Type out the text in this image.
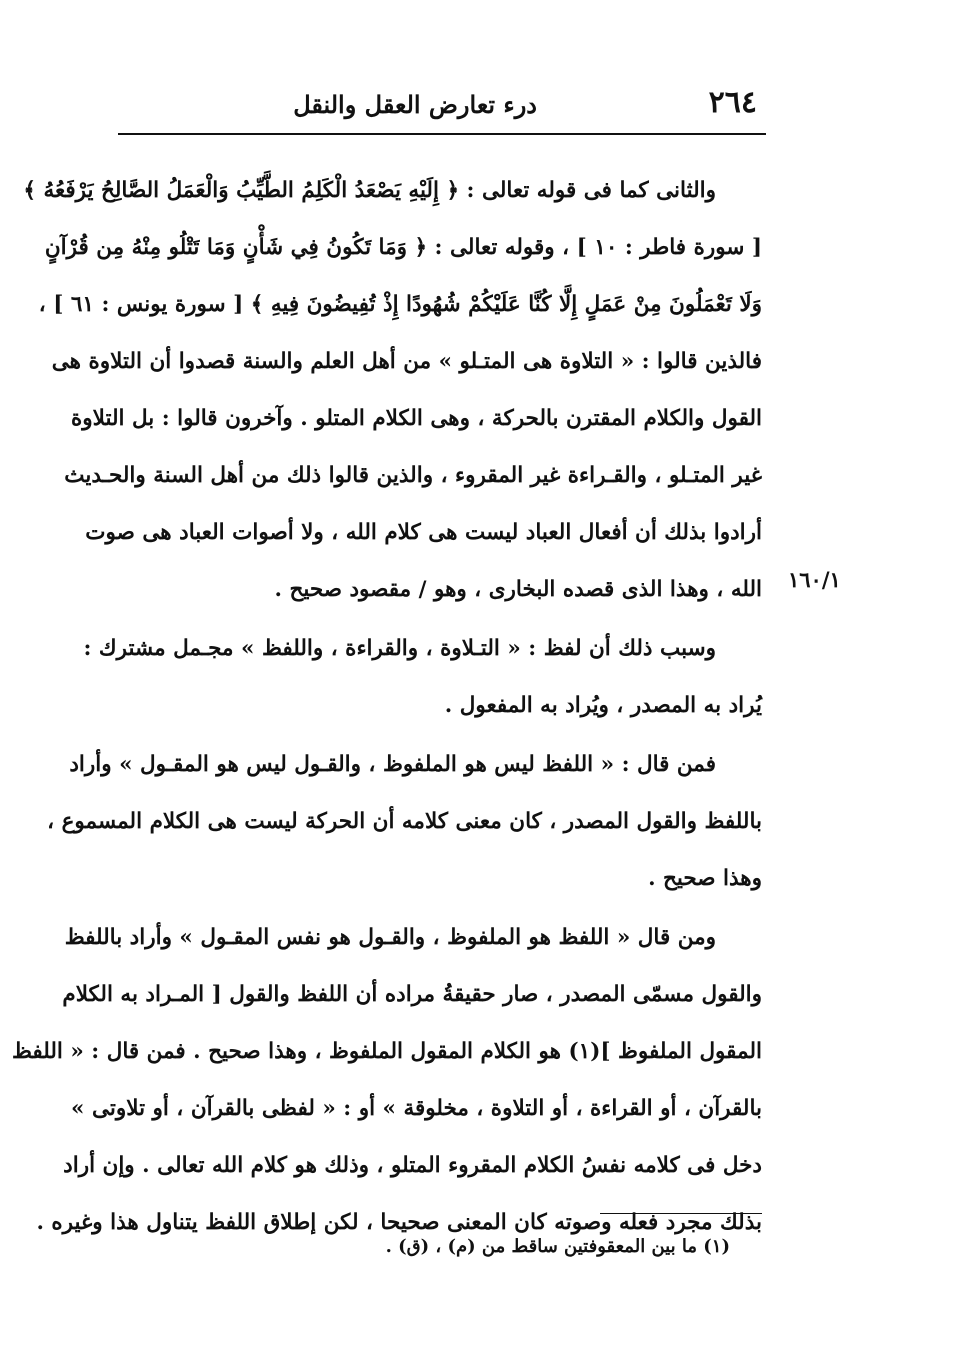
٢٦٤
درء تعارض العقل والنقل
١٦٠/١
والثانى كما فى قوله تعالى : ﴿ إِلَيْهِ يَصْعَدُ الْكَلِمُ الطَّيِّبُ وَالْعَمَلُ الصَّالِحُ يَرْفَعُهُ ﴾
[ سورة فاطر : ١٠ ] ، وقوله تعالى : ﴿ وَمَا تَكُونُ فِي شَأْنٍ وَمَا تَتْلُو مِنْهُ مِن قُرْآنٍ
وَلَا تَعْمَلُونَ مِنْ عَمَلٍ إِلَّا كُنَّا عَلَيْكُمْ شُهُودًا إِذْ تُفِيضُونَ فِيهِ ﴾ [ سورة يونس : ٦١ ] ،
فالذين قالوا : « التلاوة هى المتـلو » من أهل العلم والسنة قصدوا أن التلاوة هى
القول والكلام المقترن بالحركة ، وهى الكلام المتلو . وآخرون قالوا : بل التلاوة
غير المتـلو ، والقـراءة غير المقروء ، والذين قالوا ذلك من أهل السنة والحـديث
أرادوا بذلك أن أفعال العباد ليست هى كلام الله ، ولا أصوات العباد هى صوت
الله ، وهذا الذى قصده البخارى ، وهو / مقصود صحيح .
وسبب ذلك أن لفظ : « التـلاوة ، والقراءة ، واللفظ » مجـمل مشترك :
يُراد به المصدر ، ويُراد به المفعول .
فمن قال : « اللفظ ليس هو الملفوظ ، والقـول ليس هو المقـول » وأراد
باللفظ والقول المصدر ، كان معنى كلامه أن الحركة ليست هى الكلام المسموع ،
وهذا صحيح .
ومن قال « اللفظ هو الملفوظ ، والقـول هو نفس المقـول » وأراد باللفظ
والقول مسمّى المصدر ، صار حقيقةُ مراده أن اللفظ والقول [ المـراد به الكلام
المقول الملفوظ ](١) هو الكلام المقول الملفوظ ، وهذا صحيح . فمن قال : « اللفظ
بالقرآن ، أو القراءة ، أو التلاوة ، مخلوقة » أو : « لفظى بالقرآن ، أو تلاوتى »
دخل فى كلامه نفسُ الكلام المقروء المتلو ، وذلك هو كلام الله تعالى . وإن أراد
بذلك مجرد فعله وصوته كان المعنى صحيحا ، لكن إطلاق اللفظ يتناول هذا وغيره .
(١) ما بين المعقوفتين ساقط من (م) ، (ق) .
